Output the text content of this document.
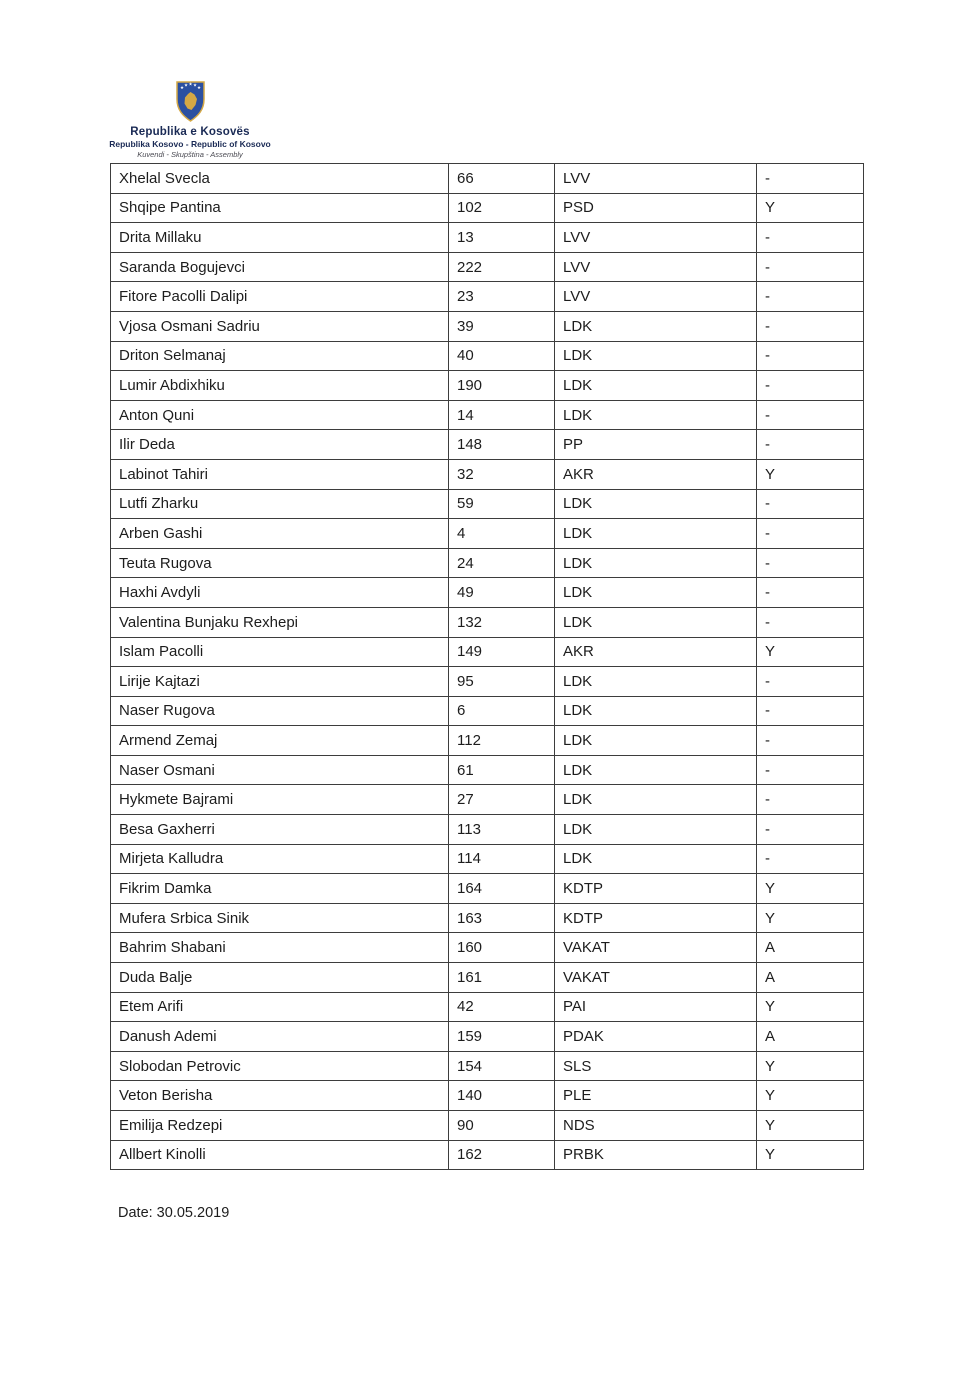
★ ★ ★ ★ ★
Republika e Kosovës
Republika Kosovo - Republic of Kosovo
Kuvendi - Skupština - Assembly
Xhelal Svecla	66	LVV	-
Shqipe Pantina	102	PSD	Y
Drita Millaku	13	LVV	-
Saranda Bogujevci	222	LVV	-
Fitore Pacolli Dalipi	23	LVV	-
Vjosa Osmani Sadriu	39	LDK	-
Driton Selmanaj	40	LDK	-
Lumir Abdixhiku	190	LDK	-
Anton Quni	14	LDK	-
Ilir Deda	148	PP	-
Labinot Tahiri	32	AKR	Y
Lutfi Zharku	59	LDK	-
Arben Gashi	4	LDK	-
Teuta Rugova	24	LDK	-
Haxhi Avdyli	49	LDK	-
Valentina Bunjaku Rexhepi	132	LDK	-
Islam Pacolli	149	AKR	Y
Lirije Kajtazi	95	LDK	-
Naser Rugova	6	LDK	-
Armend Zemaj	112	LDK	-
Naser Osmani	61	LDK	-
Hykmete Bajrami	27	LDK	-
Besa Gaxherri	113	LDK	-
Mirjeta Kalludra	114	LDK	-
Fikrim Damka	164	KDTP	Y
Mufera Srbica Sinik	163	KDTP	Y
Bahrim Shabani	160	VAKAT	A
Duda Balje	161	VAKAT	A
Etem Arifi	42	PAI	Y
Danush Ademi	159	PDAK	A
Slobodan Petrovic	154	SLS	Y
Veton Berisha	140	PLE	Y
Emilija Redzepi	90	NDS	Y
Allbert Kinolli	162	PRBK	Y
Date: 30.05.2019
